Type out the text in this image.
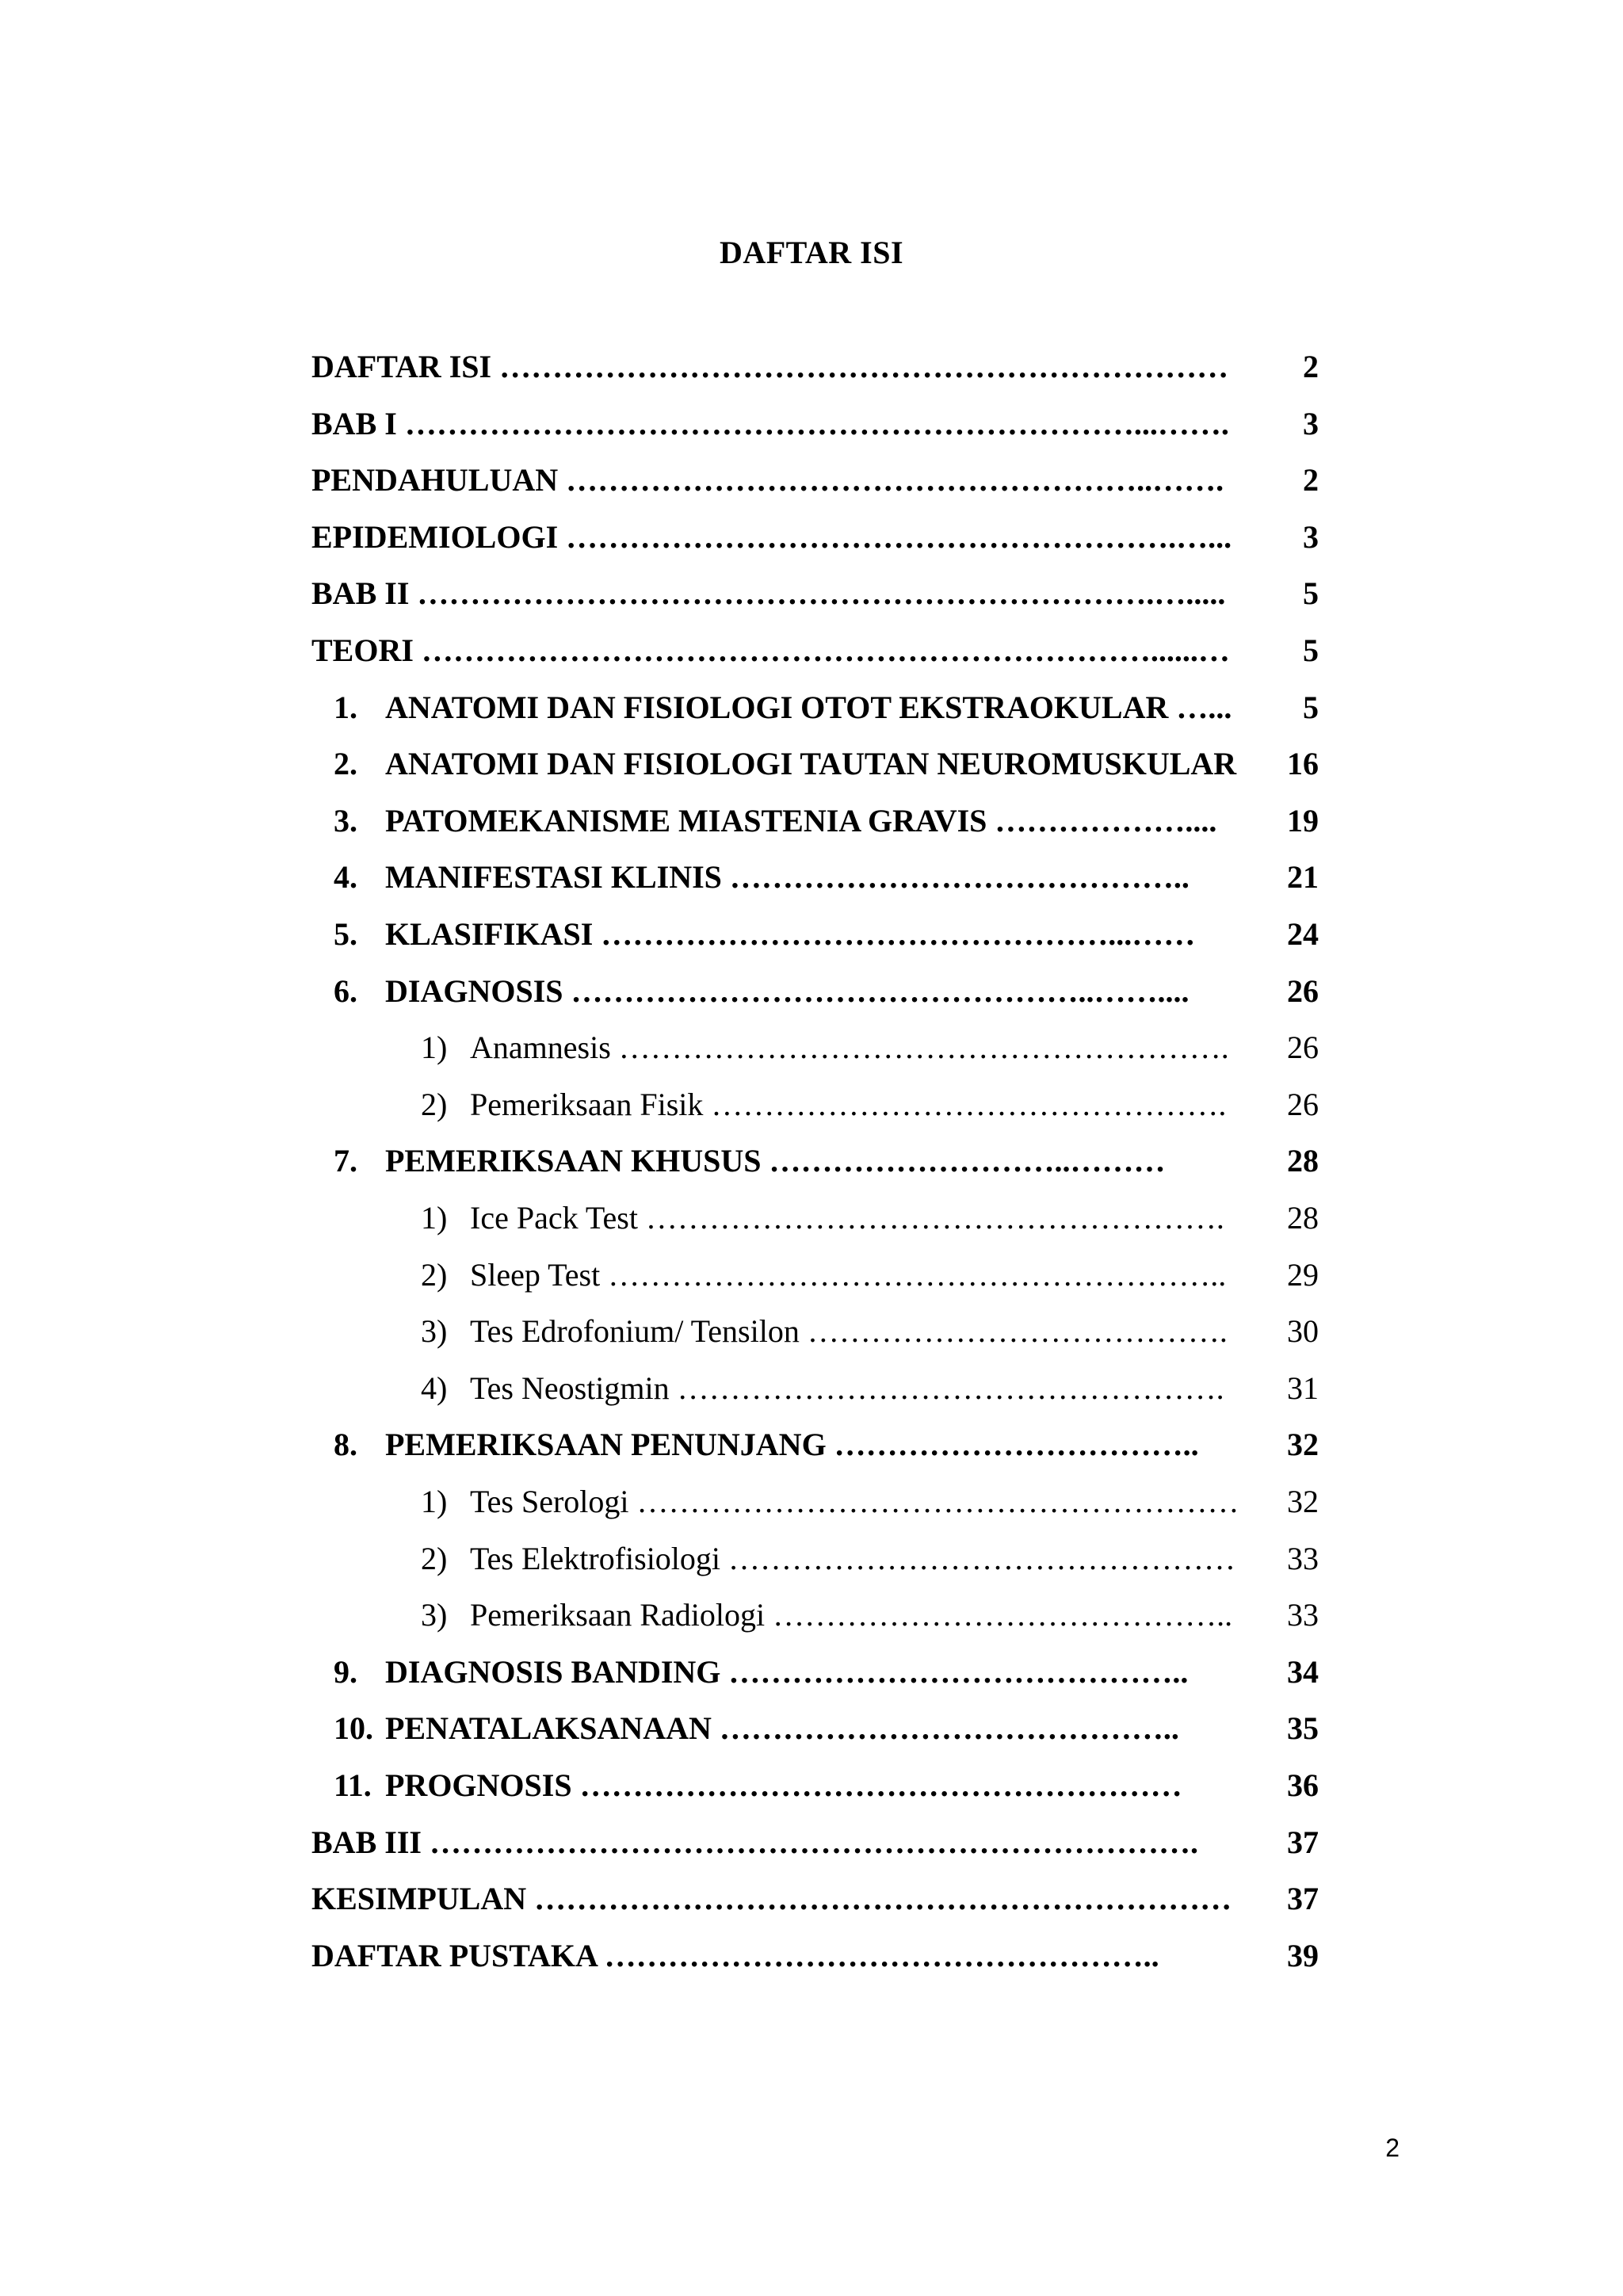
DAFTAR ISI
DAFTAR ISI ……………………………………………………………	2
BAB I ……………………………………………………………...…….	3
PENDAHULUAN ………………………………………………..…….	2
EPIDEMIOLOGI ………………………………………………….…...	3
BAB II …………………………………………………………….….....	5
TEORI ……………………………………………………………......…	5
1. ANATOMI DAN FISIOLOGI OTOT EKSTRAOKULAR …...	5
2. ANATOMI DAN FISIOLOGI TAUTAN NEUROMUSKULAR 16
3. PATOMEKANISME MIASTENIA GRAVIS ……………….... 19
4. MANIFESTASI KLINIS ……………………………………..	21
5. KLASIFIKASI …………………………………………...……	24
6. DIAGNOSIS …………………………………………..……....	26
1) Anamnesis …………………………………………………. 26
2) Pemeriksaan Fisik …………………………………………. 26
7. PEMERIKSAAN KHUSUS ………………………..………	28
1) Ice Pack Test ………………………………………………. 28
2) Sleep Test ………………………………………………….. 29
3) Tes Edrofonium/ Tensilon …………………………………. 30
4) Tes Neostigmin ……………………………………………. 31
8. PEMERIKSAAN PENUNJANG ……………………………..	32
1) Tes Serologi ………………………………………………… 32
2) Tes Elektrofisiologi ………………………………………… 33
3) Pemeriksaan Radiologi …………………………………….. 33
9. DIAGNOSIS BANDING ……………………………………..	34
10. PENATALAKSANAAN ……………………………………..	35
11. PROGNOSIS …………………………………………………	36
BAB III ……………………………………………………………….	37
KESIMPULAN ………………………………………………………… 37
DAFTAR PUSTAKA ……………………………………………..	39
2
